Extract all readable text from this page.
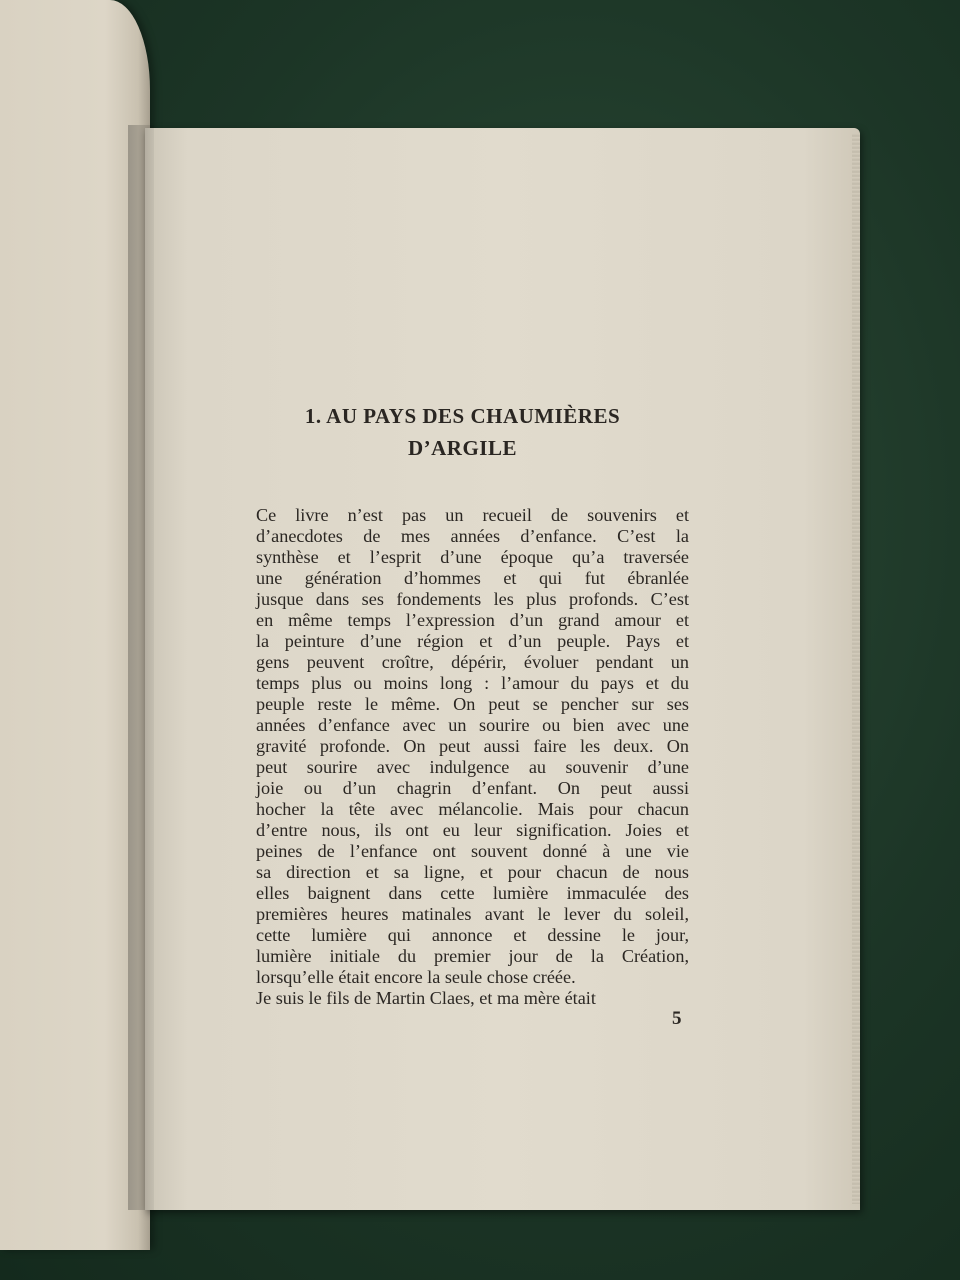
1. AU PAYS DES CHAUMIÈRES
D’ARGILE
Ce livre n’est pas un recueil de souvenirs et
d’anecdotes de mes années d’enfance. C’est la
synthèse et l’esprit d’une époque qu’a traversée
une génération d’hommes et qui fut ébranlée
jusque dans ses fondements les plus profonds. C’est
en même temps l’expression d’un grand amour et
la peinture d’une région et d’un peuple. Pays et
gens peuvent croître, dépérir, évoluer pendant un
temps plus ou moins long : l’amour du pays et du
peuple reste le même. On peut se pencher sur ses
années d’enfance avec un sourire ou bien avec une
gravité profonde. On peut aussi faire les deux. On
peut sourire avec indulgence au souvenir d’une
joie ou d’un chagrin d’enfant. On peut aussi
hocher la tête avec mélancolie. Mais pour chacun
d’entre nous, ils ont eu leur signification. Joies et
peines de l’enfance ont souvent donné à une vie
sa direction et sa ligne, et pour chacun de nous
elles baignent dans cette lumière immaculée des
premières heures matinales avant le lever du soleil,
cette lumière qui annonce et dessine le jour,
lumière initiale du premier jour de la Création,
lorsqu’elle était encore la seule chose créée.
Je suis le fils de Martin Claes, et ma mère était
5
